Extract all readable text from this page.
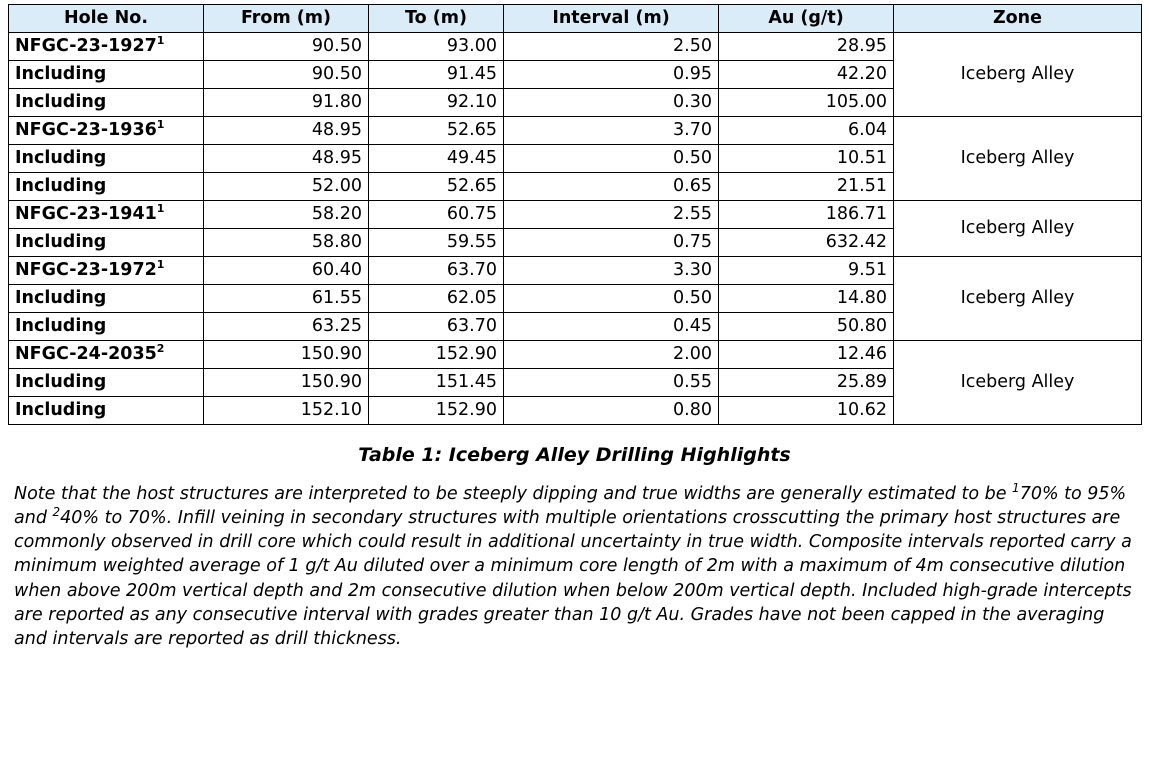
Hole No.	From (m)	To (m)	Interval (m)	Au (g/t)	Zone
NFGC-23-1927$^1$	90.50	93.00	2.50	28.95	Iceberg Alley
Including	90.50	91.45	0.95	42.20	
Including	91.80	92.10	0.30	105.00	
NFGC-23-1936$^1$	48.95	52.65	3.70	6.04	Iceberg Alley
Including	48.95	49.45	0.50	10.51	
Including	52.00	52.65	0.65	21.51	
NFGC-23-1941$^1$	58.20	60.75	2.55	186.71	Iceberg Alley
Including	58.80	59.55	0.75	632.42	
NFGC-23-1972$^1$	60.40	63.70	3.30	9.51	Iceberg Alley
Including	61.55	62.05	0.50	14.80	
Including	63.25	63.70	0.45	50.80	
NFGC-24-2035$^2$	150.90	152.90	2.00	12.46	Iceberg Alley
Including	150.90	151.45	0.55	25.89	
Including	152.10	152.90	0.80	10.62	
Table 1: Iceberg Alley Drilling Highlights
Note that the host structures are interpreted to be steeply dipping and true widths are generally estimated to be $^1$70% to 95% and $^2$40% to 70%. Infill veining in secondary structures with multiple orientations crosscutting the primary host structures are commonly observed in drill core which could result in additional uncertainty in true width. Composite intervals reported carry a minimum weighted average of 1 g/t Au diluted over a minimum core length of 2m with a maximum of 4m consecutive dilution when above 200m vertical depth and 2m consecutive dilution when below 200m vertical depth. Included high-grade intercepts are reported as any consecutive interval with grades greater than 10 g/t Au. Grades have not been capped in the averaging and intervals are reported as drill thickness.
